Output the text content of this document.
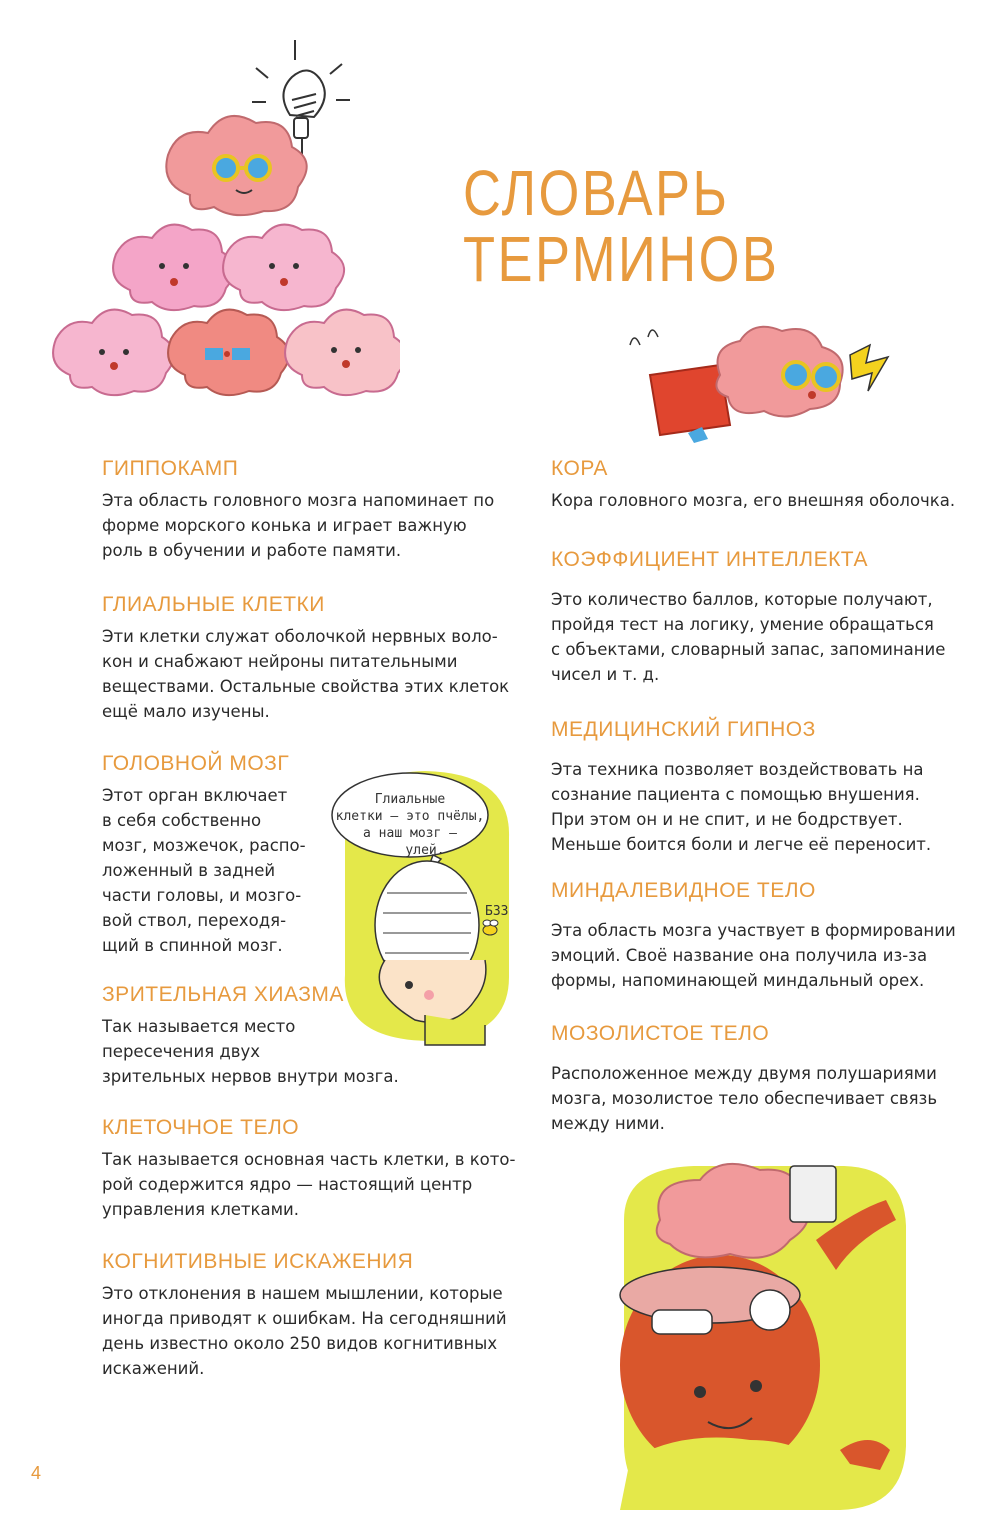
СЛОВАРЬ
ТЕРМИНОВ
Глиальные
клетки — это пчёлы,
а наш мозг —
улей.
БЗЗ
ГИППОКАМП

Эта область головного мозга напоминает по
форме морского конька и играет важную
роль в обучении и работе памяти.

ГЛИАЛЬНЫЕ КЛЕТКИ

Эти клетки служат оболочкой нервных воло-
кон и снабжают нейроны питательными
веществами. Остальные свойства этих клеток
ещё мало изучены.

ГОЛОВНОЙ МОЗГ

Этот орган включает
в себя собственно
мозг, мозжечок, распо-
ложенный в задней
части головы, и мозго-
вой ствол, переходя-
щий в спинной мозг.

ЗРИТЕЛЬНАЯ ХИАЗМА

Так называется место
пересечения двух
зрительных нервов внутри мозга.

КЛЕТОЧНОЕ ТЕЛО

Так называется основная часть клетки, в кото-
рой содержится ядро — настоящий центр
управления клетками.

КОГНИТИВНЫЕ ИСКАЖЕНИЯ

Это отклонения в нашем мышлении, которые
иногда приводят к ошибкам. На сегодняшний
день известно около 250 видов когнитивных
искажений.

КОРА

Кора головного мозга, его внешняя оболочка.

КОЭФФИЦИЕНТ ИНТЕЛЛЕКТА

Это количество баллов, которые получают,
пройдя тест на логику, умение обращаться
с объектами, словарный запас, запоминание
чисел и т. д.

МЕДИЦИНСКИЙ ГИПНОЗ

Эта техника позволяет воздействовать на
сознание пациента с помощью внушения.
При этом он и не спит, и не бодрствует.
Меньше боится боли и легче её переносит.

МИНДАЛЕВИДНОЕ ТЕЛО

Эта область мозга участвует в формировании
эмоций. Своё название она получила из-за
формы, напоминающей миндальный орех.

МОЗОЛИСТОЕ ТЕЛО

Расположенное между двумя полушариями
мозга, мозолистое тело обеспечивает связь
между ними.

4
